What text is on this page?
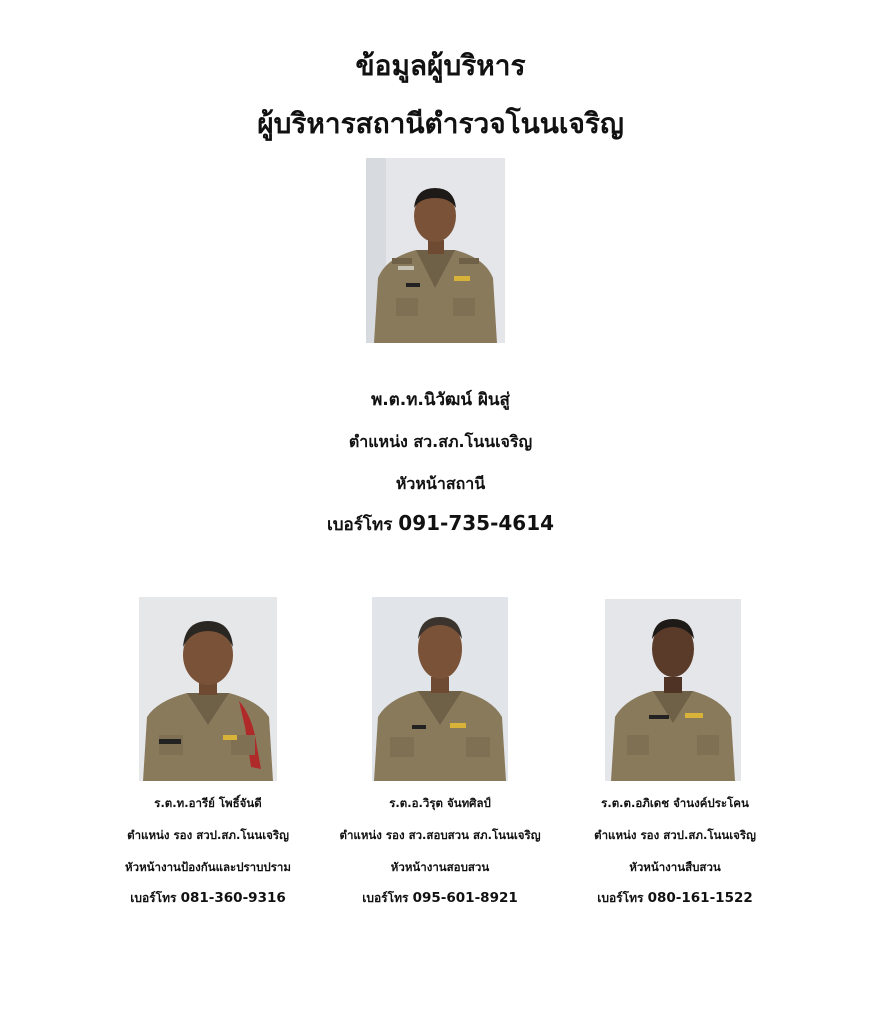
ข้อมูลผู้บริหาร
ผู้บริหารสถานีตำรวจโนนเจริญ
พ.ต.ท.นิวัฒน์ ผินสู่
ตำแหน่ง สว.สภ.โนนเจริญ
หัวหน้าสถานี
เบอร์โทร 091-735-4614
ร.ต.ท.อารีย์ โพธิ์จันดี
ตำแหน่ง รอง สวป.สภ.โนนเจริญ
หัวหน้างานป้องกันและปราบปราม
เบอร์โทร 081-360-9316
ร.ต.อ.วิรุต จันทศิลป์
ตำแหน่ง รอง สว.สอบสวน สภ.โนนเจริญ
หัวหน้างานสอบสวน
เบอร์โทร 095-601-8921
ร.ต.ต.อภิเดช จำนงค์ประโคน
ตำแหน่ง รอง สวป.สภ.โนนเจริญ
หัวหน้างานสืบสวน
เบอร์โทร 080-161-1522
